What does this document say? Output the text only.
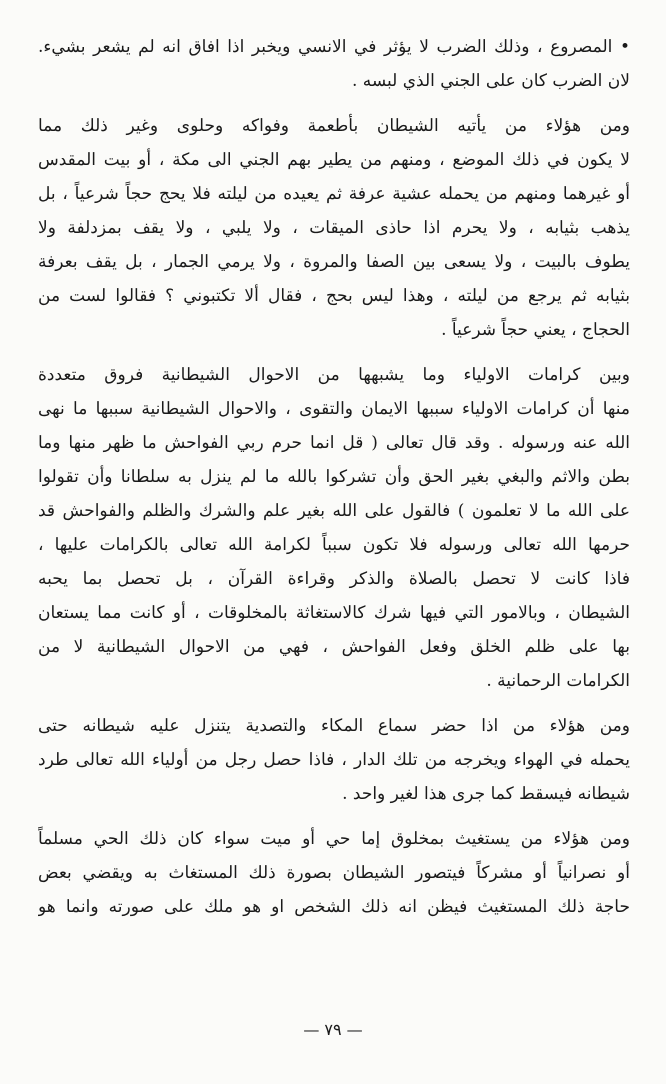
• المصروع ، وذلك الضرب لا يؤثر في الانسي ويخبر اذا افاق انه لم يشعر بشيء.
لان الضرب كان على الجني الذي لبسه .
ومن هؤلاء من يأتيه الشيطان بأطعمة وفواكه وحلوى وغير ذلك مما
لا يكون في ذلك الموضع ، ومنهم من يطير بهم الجني الى مكة ، أو بيت المقدس
أو غيرهما ومنهم من يحمله عشية عرفة ثم يعيده من ليلته فلا يحج حجاً شرعياً ، بل
يذهب بثيابه ، ولا يحرم اذا حاذى الميقات ، ولا يلبي ، ولا يقف بمزدلفة ولا
يطوف بالبيت ، ولا يسعى بين الصفا والمروة ، ولا يرمي الجمار ، بل يقف بعرفة
بثيابه ثم يرجع من ليلته ، وهذا ليس بحج ، فقال ألا تكتبوني ؟ فقالوا لست من
الحجاج ، يعني حجاً شرعياً .
وبين كرامات الاولياء وما يشبهها من الاحوال الشيطانية فروق متعددة
منها أن كرامات الاولياء سببها الايمان والتقوى ، والاحوال الشيطانية سببها ما نهى
الله عنه ورسوله . وقد قال تعالى ( قل انما حرم ربي الفواحش ما ظهر منها وما
بطن والاثم والبغي بغير الحق وأن تشركوا بالله ما لم ينزل به سلطانا وأن تقولوا
على الله ما لا تعلمون ) فالقول على الله بغير علم والشرك والظلم والفواحش قد
حرمها الله تعالى ورسوله فلا تكون سبباً لكرامة الله تعالى بالكرامات عليها ،
فاذا كانت لا تحصل بالصلاة والذكر وقراءة القرآن ، بل تحصل بما يحبه
الشيطان ، وبالامور التي فيها شرك كالاستغاثة بالمخلوقات ، أو كانت مما يستعان
بها على ظلم الخلق وفعل الفواحش ، فهي من الاحوال الشيطانية لا من
الكرامات الرحمانية .
ومن هؤلاء من اذا حضر سماع المكاء والتصدية يتنزل عليه شيطانه حتى
يحمله في الهواء ويخرجه من تلك الدار ، فاذا حصل رجل من أولياء الله تعالى طرد
شيطانه فيسقط كما جرى هذا لغير واحد .
ومن هؤلاء من يستغيث بمخلوق إما حي أو ميت سواء كان ذلك الحي مسلماً
أو نصرانياً أو مشركاً فيتصور الشيطان بصورة ذلك المستغاث به ويقضي بعض
حاجة ذلك المستغيث فيظن انه ذلك الشخص او هو ملك على صورته وانما هو
— ٧٩ —
